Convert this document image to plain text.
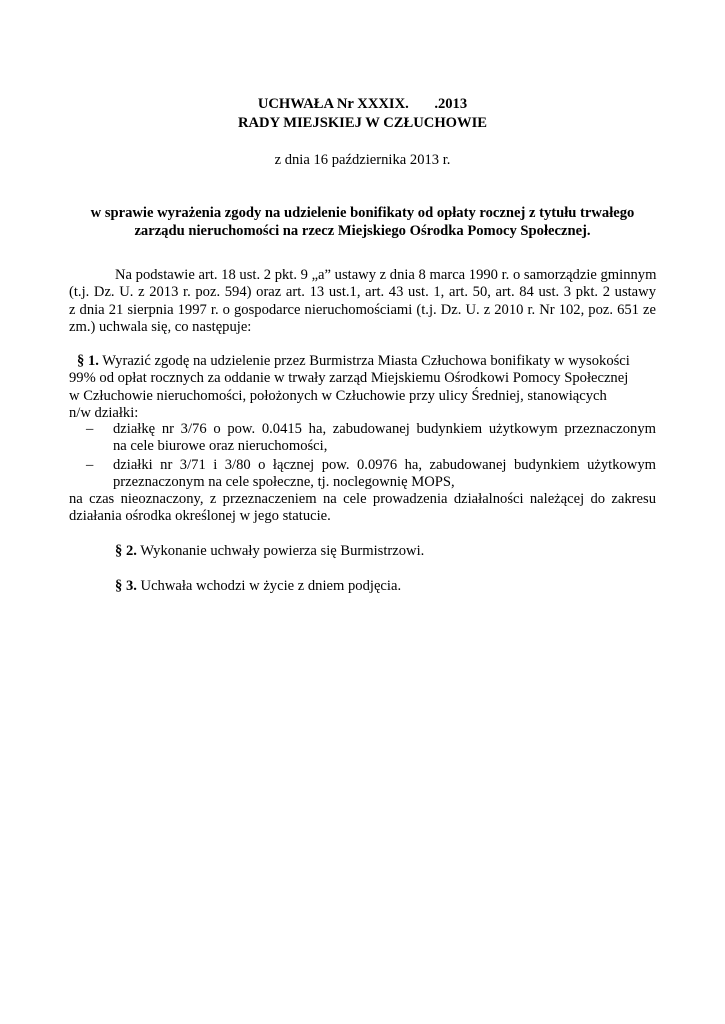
UCHWAŁA Nr XXXIX.       .2013
RADY MIEJSKIEJ W CZŁUCHOWIE
z dnia 16 października 2013 r.
w sprawie wyrażenia zgody na udzielenie bonifikaty od opłaty rocznej z tytułu trwałego
zarządu nieruchomości na rzecz Miejskiego Ośrodka Pomocy Społecznej.
Na podstawie art. 18 ust. 2 pkt. 9 „a” ustawy z dnia 8 marca 1990 r. o samorządzie gminnym
(t.j. Dz. U. z 2013 r. poz. 594) oraz art. 13 ust.1, art. 43 ust. 1, art. 50, art. 84 ust. 3 pkt. 2 ustawy
z dnia 21 sierpnia 1997 r. o gospodarce nieruchomościami (t.j. Dz. U. z 2010 r. Nr 102, poz. 651 ze
zm.) uchwala się, co następuje:
§ 1. Wyrazić zgodę na udzielenie przez Burmistrza Miasta Człuchowa bonifikaty w wysokości
99% od opłat rocznych za oddanie w trwały zarząd Miejskiemu Ośrodkowi Pomocy Społecznej
w Człuchowie nieruchomości, położonych w Człuchowie przy ulicy Średniej, stanowiących
n/w działki:
– działkę nr 3/76 o pow. 0.0415 ha, zabudowanej budynkiem użytkowym przeznaczonym
na cele biurowe oraz nieruchomości,
– działki nr 3/71 i 3/80 o łącznej pow. 0.0976 ha, zabudowanej budynkiem użytkowym
przeznaczonym na cele społeczne, tj. noclegownię MOPS,
na czas nieoznaczony, z przeznaczeniem na cele prowadzenia działalności należącej do zakresu
działania ośrodka określonej w jego statucie.
§ 2. Wykonanie uchwały powierza się Burmistrzowi.
§ 3. Uchwała wchodzi w życie z dniem podjęcia.
